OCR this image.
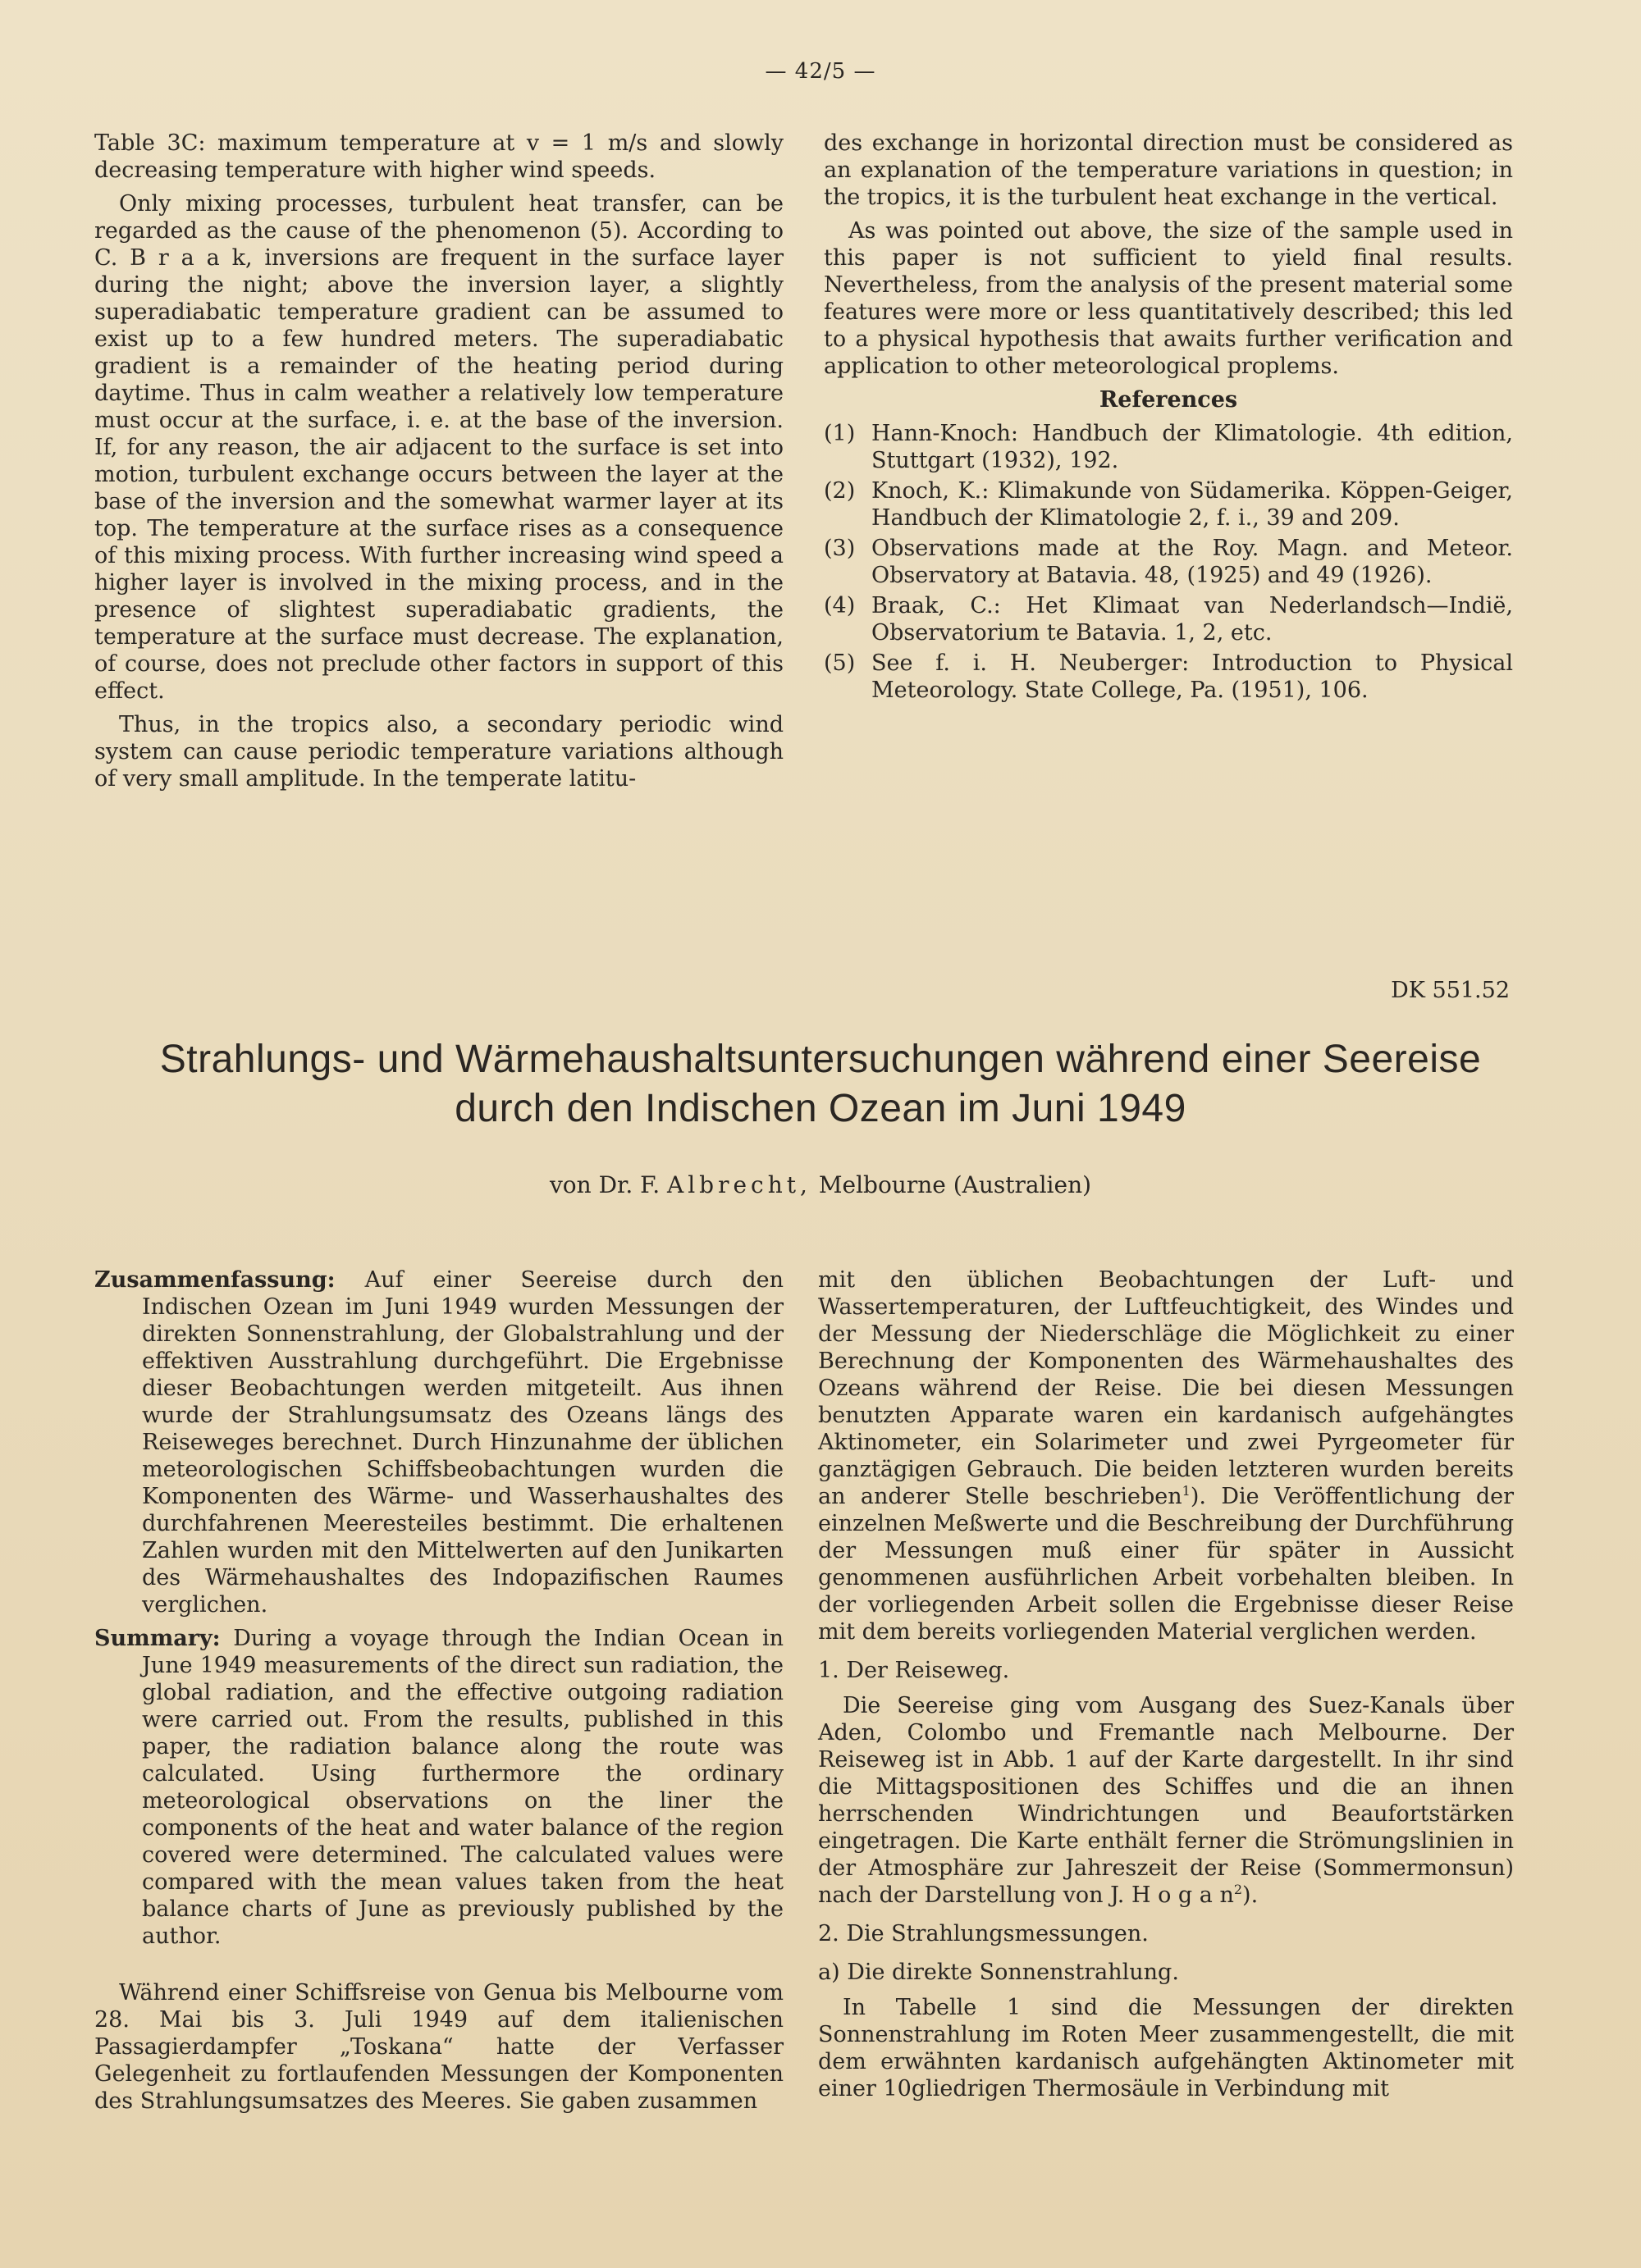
— 42/5 —

Table 3C: maximum temperature at v = 1 m/s and slowly decreasing temperature with higher wind speeds.

Only mixing processes, turbulent heat transfer, can be regarded as the cause of the phenomenon (5). According to C. B r a a k, inversions are frequent in the surface layer during the night; above the inversion layer, a slightly superadiabatic temperature gradient can be assumed to exist up to a few hundred meters. The superadiabatic gradient is a remainder of the heating period during daytime. Thus in calm weather a relatively low temperature must occur at the surface, i. e. at the base of the inversion. If, for any reason, the air adjacent to the surface is set into motion, turbulent exchange occurs between the layer at the base of the inversion and the somewhat warmer layer at its top. The temperature at the surface rises as a consequence of this mixing process. With further increasing wind speed a higher layer is involved in the mixing process, and in the presence of slightest superadiabatic gradients, the temperature at the surface must decrease. The explanation, of course, does not preclude other factors in support of this effect.

Thus, in the tropics also, a secondary periodic wind system can cause periodic temperature variations although of very small amplitude. In the temperate latitu-

des exchange in horizontal direction must be considered as an explanation of the temperature variations in question; in the tropics, it is the turbulent heat exchange in the vertical.

As was pointed out above, the size of the sample used in this paper is not sufficient to yield final results. Nevertheless, from the analysis of the present material some features were more or less quantitatively described; this led to a physical hypothesis that awaits further verification and application to other meteorological proplems.

References

(1) Hann-Knoch: Handbuch der Klimatologie. 4th edition, Stuttgart (1932), 192.
(2) Knoch, K.: Klimakunde von Südamerika. Köppen-Geiger, Handbuch der Klimatologie 2, f. i., 39 and 209.
(3) Observations made at the Roy. Magn. and Meteor. Observatory at Batavia. 48, (1925) and 49 (1926).
(4) Braak, C.: Het Klimaat van Nederlandsch—Indië, Observatorium te Batavia. 1, 2, etc.
(5) See f. i. H. Neuberger: Introduction to Physical Meteorology. State College, Pa. (1951), 106.
DK 551.52
Strahlungs- und Wärmehaushaltsuntersuchungen während einer Seereise
durch den Indischen Ozean im Juni 1949
von Dr. F. Albrecht, Melbourne (Australien)

Zusammenfassung: Auf einer Seereise durch den Indischen Ozean im Juni 1949 wurden Messungen der direkten Sonnenstrahlung, der Globalstrahlung und der effektiven Ausstrahlung durchgeführt. Die Ergebnisse dieser Beobachtungen werden mitgeteilt. Aus ihnen wurde der Strahlungsumsatz des Ozeans längs des Reiseweges berechnet. Durch Hinzunahme der üblichen meteorologischen Schiffsbeobachtungen wurden die Komponenten des Wärme- und Wasserhaushaltes des durchfahrenen Meeresteiles bestimmt. Die erhaltenen Zahlen wurden mit den Mittelwerten auf den Junikarten des Wärmehaushaltes des Indopazifischen Raumes verglichen.

Summary: During a voyage through the Indian Ocean in June 1949 measurements of the direct sun radiation, the global radiation, and the effective outgoing radiation were carried out. From the results, published in this paper, the radiation balance along the route was calculated. Using furthermore the ordinary meteorological observations on the liner the components of the heat and water balance of the region covered were determined. The calculated values were compared with the mean values taken from the heat balance charts of June as previously published by the author.

Während einer Schiffsreise von Genua bis Melbourne vom 28. Mai bis 3. Juli 1949 auf dem italienischen Passagierdampfer „Toskana“ hatte der Verfasser Gelegenheit zu fortlaufenden Messungen der Komponenten des Strahlungsumsatzes des Meeres. Sie gaben zusammen

mit den üblichen Beobachtungen der Luft- und Wassertemperaturen, der Luftfeuchtigkeit, des Windes und der Messung der Niederschläge die Möglichkeit zu einer Berechnung der Komponenten des Wärmehaushaltes des Ozeans während der Reise. Die bei diesen Messungen benutzten Apparate waren ein kardanisch aufgehängtes Aktinometer, ein Solarimeter und zwei Pyrgeometer für ganztägigen Gebrauch. Die beiden letzteren wurden bereits an anderer Stelle beschrieben$^1$). Die Veröffentlichung der einzelnen Meßwerte und die Beschreibung der Durchführung der Messungen muß einer für später in Aussicht genommenen ausführlichen Arbeit vorbehalten bleiben. In der vorliegenden Arbeit sollen die Ergebnisse dieser Reise mit dem bereits vorliegenden Material verglichen werden.

1. Der Reiseweg.

Die Seereise ging vom Ausgang des Suez-Kanals über Aden, Colombo und Fremantle nach Melbourne. Der Reiseweg ist in Abb. 1 auf der Karte dargestellt. In ihr sind die Mittagspositionen des Schiffes und die an ihnen herrschenden Windrichtungen und Beaufortstärken eingetragen. Die Karte enthält ferner die Strömungslinien in der Atmosphäre zur Jahreszeit der Reise (Sommermonsun) nach der Darstellung von J. H o g a $n^2$).

2. Die Strahlungsmessungen.

a) Die direkte Sonnenstrahlung.

In Tabelle 1 sind die Messungen der direkten Sonnenstrahlung im Roten Meer zusammengestellt, die mit dem erwähnten kardanisch aufgehängten Aktinometer mit einer 10gliedrigen Thermosäule in Verbindung mit
